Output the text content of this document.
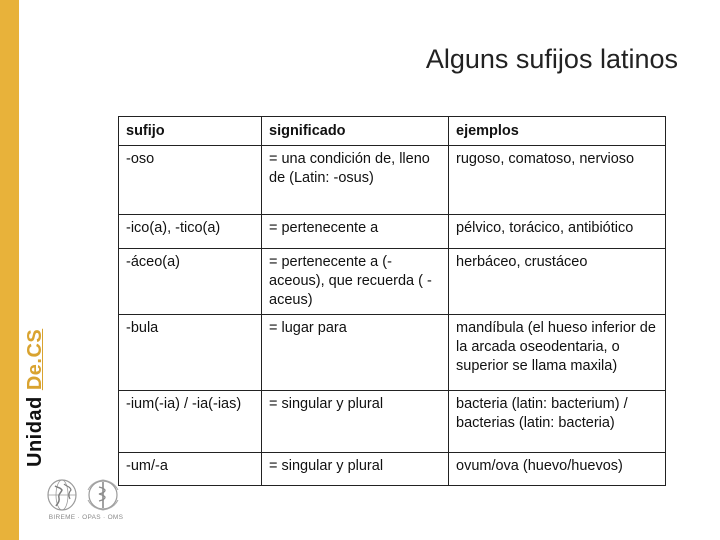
Unidad De.CS
Alguns sufijos latinos
sufijo	significado	ejemplos
-oso	= una condición de, lleno de (Latin: -osus)	rugoso, comatoso, nervioso
-ico(a), -tico(a)	= pertenecente a	pélvico, torácico, antibiótico
-áceo(a)	= pertenecente a (-aceous), que recuerda ( -aceus)	herbáceo, crustáceo
-bula	= lugar para	mandíbula (el hueso inferior de la arcada oseodentaria, o superior se llama maxila)
-ium(-ia) / -ia(-ias)	= singular y plural	bacteria (latin: bacterium) / bacterias (latin: bacteria)
-um/-a	= singular y plural	ovum/ova (huevo/huevos)
BIREME · OPAS · OMS
